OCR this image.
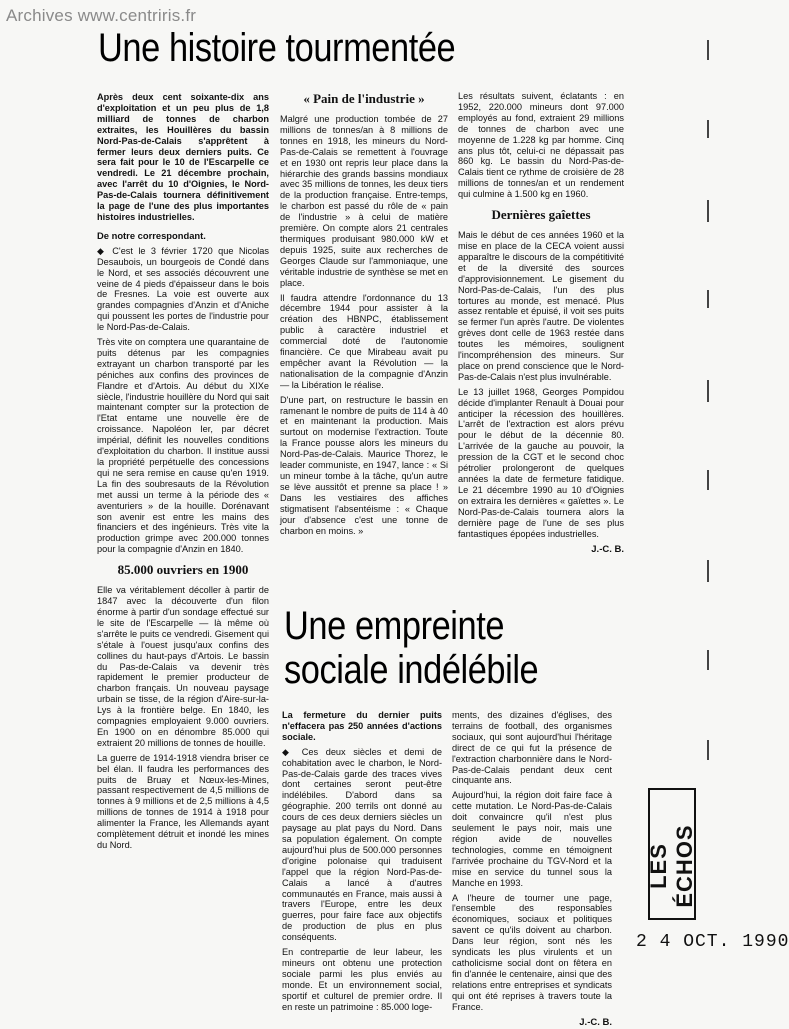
Archives www.centriris.fr
Une histoire tourmentée

Après deux cent soixante-dix ans d'exploitation et un peu plus de 1,8 milliard de tonnes de charbon extraites, les Houillères du bassin Nord-Pas-de-Calais s'apprêtent à fermer leurs deux derniers puits. Ce sera fait pour le 10 de l'Escarpelle ce vendredi. Le 21 décembre prochain, avec l'arrêt du 10 d'Oignies, le Nord-Pas-de-Calais tournera définitivement la page de l'une des plus importantes histoires industrielles.

De notre correspondant.

◆ C'est le 3 février 1720 que Nicolas Desaubois, un bourgeois de Condé dans le Nord, et ses associés découvrent une veine de 4 pieds d'épaisseur dans le bois de Fresnes. La voie est ouverte aux grandes compagnies d'Anzin et d'Aniche qui poussent les portes de l'industrie pour le Nord-Pas-de-Calais.

Très vite on comptera une quarantaine de puits détenus par les compagnies extrayant un charbon transporté par les péniches aux confins des provinces de Flandre et d'Artois. Au début du XIXe siècle, l'industrie houillère du Nord qui sait maintenant compter sur la protection de l'Etat entame une nouvelle ère de croissance. Napoléon Ier, par décret impérial, définit les nouvelles conditions d'exploitation du charbon. Il institue aussi la propriété perpétuelle des concessions qui ne sera remise en cause qu'en 1919. La fin des soubresauts de la Révolution met aussi un terme à la période des « aventuriers » de la houille. Dorénavant son avenir est entre les mains des financiers et des ingénieurs. Très vite la production grimpe avec 200.000 tonnes pour la compagnie d'Anzin en 1840.

85.000 ouvriers en 1900

Elle va véritablement décoller à partir de 1847 avec la découverte d'un filon énorme à partir d'un sondage effectué sur le site de l'Escarpelle — là même où s'arrête le puits ce vendredi. Gisement qui s'étale à l'ouest jusqu'aux confins des collines du haut-pays d'Artois. Le bassin du Pas-de-Calais va devenir très rapidement le premier producteur de charbon français. Un nouveau paysage urbain se tisse, de la région d'Aire-sur-la-Lys à la frontière belge. En 1840, les compagnies employaient 9.000 ouvriers. En 1900 on en dénombre 85.000 qui extraient 20 millions de tonnes de houille.

La guerre de 1914-1918 viendra briser ce bel élan. Il faudra les performances des puits de Bruay et Nœux-les-Mines, passant respectivement de 4,5 millions de tonnes à 9 millions et de 2,5 millions à 4,5 millions de tonnes de 1914 à 1918 pour alimenter la France, les Allemands ayant complètement détruit et inondé les mines du Nord.

« Pain de l'industrie »

Malgré une production tombée de 27 millions de tonnes/an à 8 millions de tonnes en 1918, les mineurs du Nord-Pas-de-Calais se remettent à l'ouvrage et en 1930 ont repris leur place dans la hiérarchie des grands bassins mondiaux avec 35 millions de tonnes, les deux tiers de la production française. Entre-temps, le charbon est passé du rôle de « pain de l'industrie » à celui de matière première. On compte alors 21 centrales thermiques produisant 980.000 kW et depuis 1925, suite aux recherches de Georges Claude sur l'ammoniaque, une véritable industrie de synthèse se met en place.

Il faudra attendre l'ordonnance du 13 décembre 1944 pour assister à la création des HBNPC, établissement public à caractère industriel et commercial doté de l'autonomie financière. Ce que Mirabeau avait pu empêcher avant la Révolution — la nationalisation de la compagnie d'Anzin — la Libération le réalise.

D'une part, on restructure le bassin en ramenant le nombre de puits de 114 à 40 et en maintenant la production. Mais surtout on modernise l'extraction. Toute la France pousse alors les mineurs du Nord-Pas-de-Calais. Maurice Thorez, le leader communiste, en 1947, lance : « Si un mineur tombe à la tâche, qu'un autre se lève aussitôt et prenne sa place ! » Dans les vestiaires des affiches stigmatisent l'absentéisme : « Chaque jour d'absence c'est une tonne de charbon en moins. »

Les résultats suivent, éclatants : en 1952, 220.000 mineurs dont 97.000 employés au fond, extraient 29 millions de tonnes de charbon avec une moyenne de 1.228 kg par homme. Cinq ans plus tôt, celui-ci ne dépassait pas 860 kg. Le bassin du Nord-Pas-de-Calais tient ce rythme de croisière de 28 millions de tonnes/an et un rendement qui culmine à 1.500 kg en 1960.

Dernières gaîettes

Mais le début de ces années 1960 et la mise en place de la CECA voient aussi apparaître le discours de la compétitivité et de la diversité des sources d'approvisionnement. Le gisement du Nord-Pas-de-Calais, l'un des plus tortures au monde, est menacé. Plus assez rentable et épuisé, il voit ses puits se fermer l'un après l'autre. De violentes grèves dont celle de 1963 restée dans toutes les mémoires, soulignent l'incompréhension des mineurs. Sur place on prend conscience que le Nord-Pas-de-Calais n'est plus invulnérable.

Le 13 juillet 1968, Georges Pompidou décide d'implanter Renault à Douai pour anticiper la récession des houillères. L'arrêt de l'extraction est alors prévu pour le début de la décennie 80. L'arrivée de la gauche au pouvoir, la pression de la CGT et le second choc pétrolier prolongeront de quelques années la date de fermeture fatidique. Le 21 décembre 1990 au 10 d'Oignies on extraira les dernières « gaïettes ». Le Nord-Pas-de-Calais tournera alors la dernière page de l'une de ses plus fantastiques épopées industrielles.

J.-C. B.
Une empreinte
sociale indélébile

La fermeture du dernier puits n'effacera pas 250 années d'actions sociale.

◆ Ces deux siècles et demi de cohabitation avec le charbon, le Nord-Pas-de-Calais garde des traces vives dont certaines seront peut-être indélébiles. D'abord dans sa géographie. 200 terrils ont donné au cours de ces deux derniers siècles un paysage au plat pays du Nord. Dans sa population également. On compte aujourd'hui plus de 500.000 personnes d'origine polonaise qui traduisent l'appel que la région Nord-Pas-de-Calais a lancé à d'autres communautés en France, mais aussi à travers l'Europe, entre les deux guerres, pour faire face aux objectifs de production de plus en plus conséquents.

En contrepartie de leur labeur, les mineurs ont obtenu une protection sociale parmi les plus enviés au monde. Et un environnement social, sportif et culturel de premier ordre. Il en reste un patrimoine : 85.000 loge-

ments, des dizaines d'églises, des terrains de football, des organismes sociaux, qui sont aujourd'hui l'héritage direct de ce qui fut la présence de l'extraction charbonnière dans le Nord-Pas-de-Calais pendant deux cent cinquante ans.

Aujourd'hui, la région doit faire face à cette mutation. Le Nord-Pas-de-Calais doit convaincre qu'il n'est plus seulement le pays noir, mais une région avide de nouvelles technologies, comme en témoignent l'arrivée prochaine du TGV-Nord et la mise en service du tunnel sous la Manche en 1993.

A l'heure de tourner une page, l'ensemble des responsables économiques, sociaux et politiques savent ce qu'ils doivent au charbon. Dans leur région, sont nés les syndicats les plus virulents et un catholicisme social dont on fêtera en fin d'année le centenaire, ainsi que des relations entre entreprises et syndicats qui ont été reprises à travers toute la France.

J.-C. B.
LES ÉCHOS
2 4 OCT. 1990
